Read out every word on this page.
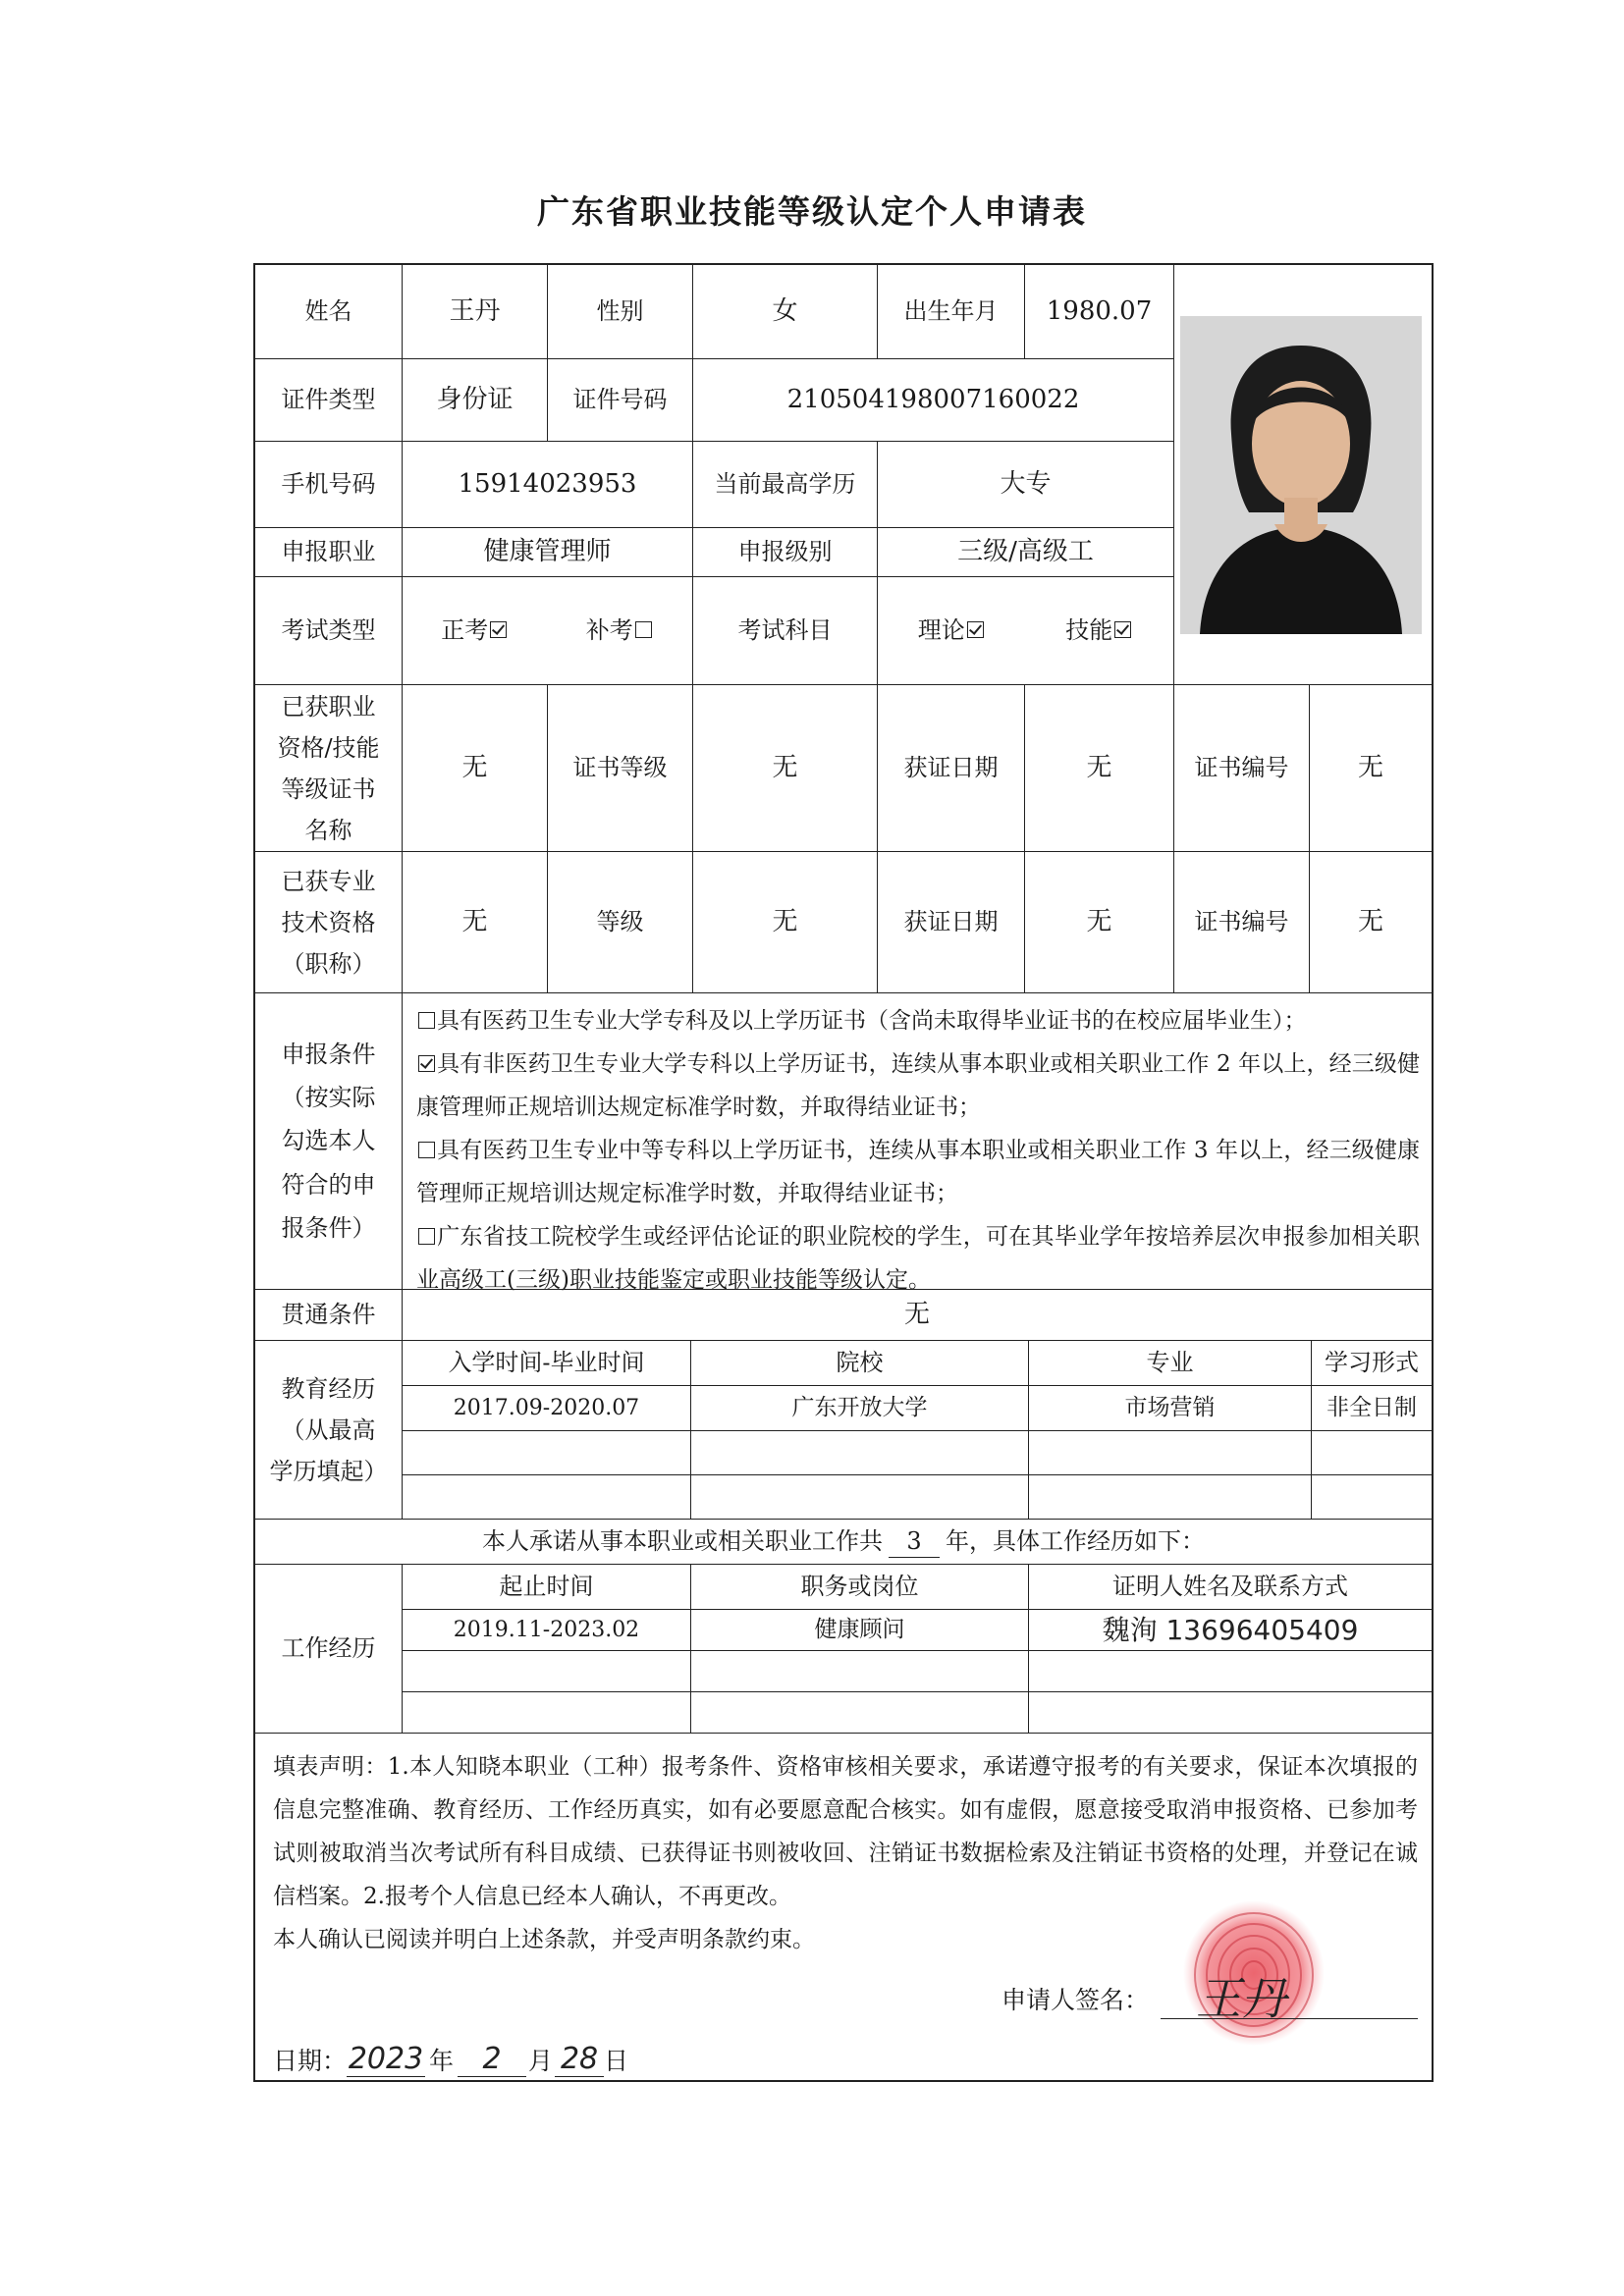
广东省职业技能等级认定个人申请表
姓名	王丹	性别	女	出生年月	1980.07
证件类型	身份证	证件号码	210504198007160022
手机号码	15914023953	当前最高学历	大专
申报职业	健康管理师	申报级别	三级/高级工
考试类型	正考	补考	考试科目	理论	技能
已获职业
资格/技能
等级证书
名称
无	证书等级	无	获证日期	无	证书编号	无
已获专业
技术资格
（职称）
无	等级	无	获证日期	无	证书编号	无
申报条件
（按实际
勾选本人
符合的申
报条件）

具有医药卫生专业大学专科及以上学历证书（含尚未取得毕业证书的在校应届毕业生）；

具有非医药卫生专业大学专科以上学历证书，连续从事本职业或相关职业工作 2 年以上，经三级健康管理师正规培训达规定标准学时数，并取得结业证书；

具有医药卫生专业中等专科以上学历证书，连续从事本职业或相关职业工作 3 年以上，经三级健康管理师正规培训达规定标准学时数，并取得结业证书；

广东省技工院校学生或经评估论证的职业院校的学生，可在其毕业学年按培养层次申报参加相关职业高级工(三级)职业技能鉴定或职业技能等级认定。

贯通条件	无
教育经历
（从最高
学历填起）
入学时间-毕业时间	院校	专业	学习形式
2017.09-2020.07	广东开放大学	市场营销	非全日制
本人承诺从事本职业或相关职业工作共	3	年，具体工作经历如下：
工作经历
起止时间	职务或岗位	证明人姓名及联系方式
2019.11-2023.02	健康顾问	魏洵 13696405409

填表声明：1.本人知晓本职业（工种）报考条件、资格审核相关要求，承诺遵守报考的有关要求，保证本次填报的信息完整准确、教育经历、工作经历真实，如有必要愿意配合核实。如有虚假，愿意接受取消申报资格、已参加考试则被取消当次考试所有科目成绩、已获得证书则被收回、注销证书数据检索及注销证书资格的处理，并登记在诚信档案。2.报考个人信息已经本人确认，不再更改。

本人确认已阅读并明白上述条款，并受声明条款约束。

申请人签名： 王丹
日期： 2023 年 2	月 28 日
